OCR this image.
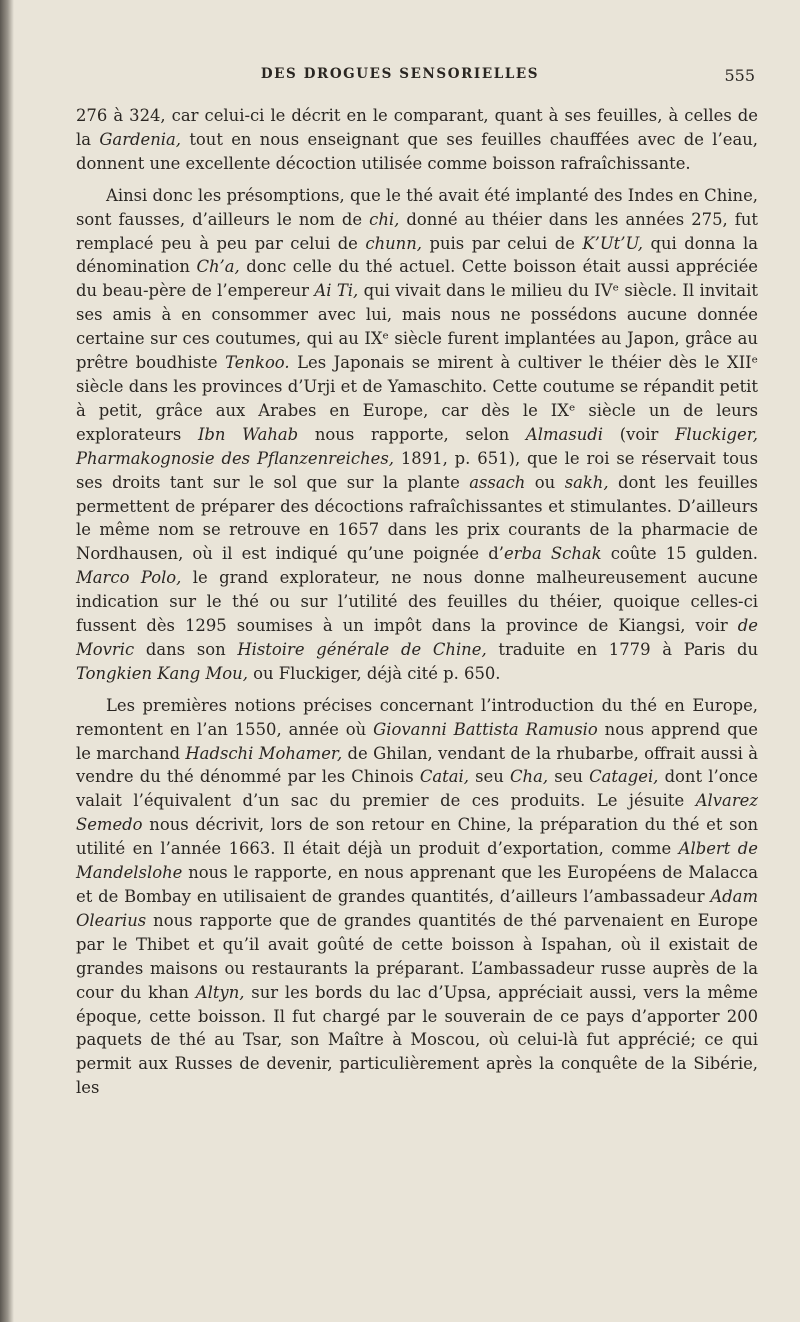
DES DROGUES SENSORIELLES	555

276 à 324, car celui-ci le décrit en le comparant, quant à ses feuilles, à celles de la Gardenia, tout en nous enseignant que ses feuilles chauffées avec de l’eau, donnent une excellente décoction utilisée comme boisson rafraîchissante.

Ainsi donc les présomptions, que le thé avait été implanté des Indes en Chine, sont fausses, d’ailleurs le nom de chi, donné au théier dans les années 275, fut remplacé peu à peu par celui de chunn, puis par celui de K’Ut’U, qui donna la dénomination Ch’a, donc celle du thé actuel. Cette boisson était aussi appréciée du beau-père de l’empereur Ai Ti, qui vivait dans le milieu du IVᵉ siècle. Il invitait ses amis à en consommer avec lui, mais nous ne possédons aucune donnée certaine sur ces coutumes, qui au IXᵉ siècle furent implantées au Japon, grâce au prêtre boudhiste Tenkoo. Les Japonais se mirent à cultiver le théier dès le XIIᵉ siècle dans les provinces d’Urji et de Yamaschito. Cette coutume se répandit petit à petit, grâce aux Arabes en Europe, car dès le IXᵉ siècle un de leurs explorateurs Ibn Wahab nous rapporte, selon Almasudi (voir Fluckiger, Pharmakognosie des Pflanzenreiches, 1891, p. 651), que le roi se réservait tous ses droits tant sur le sol que sur la plante assach ou sakh, dont les feuilles permettent de préparer des décoctions rafraîchissantes et stimulantes. D’ailleurs le même nom se retrouve en 1657 dans les prix courants de la pharmacie de Nordhausen, où il est indiqué qu’une poignée d’erba Schak coûte 15 gulden. Marco Polo, le grand explorateur, ne nous donne malheureusement aucune indication sur le thé ou sur l’utilité des feuilles du théier, quoique celles-ci fussent dès 1295 soumises à un impôt dans la province de Kiangsi, voir de Movric dans son Histoire générale de Chine, traduite en 1779 à Paris du Tongkien Kang Mou, ou Fluckiger, déjà cité p. 650.

Les premières notions précises concernant l’introduction du thé en Europe, remontent en l’an 1550, année où Giovanni Battista Ramusio nous apprend que le marchand Hadschi Mohamer, de Ghilan, vendant de la rhubarbe, offrait aussi à vendre du thé dénommé par les Chinois Catai, seu Cha, seu Catagei, dont l’once valait l’équivalent d’un sac du premier de ces produits. Le jésuite Alvarez Semedo nous décrivit, lors de son retour en Chine, la préparation du thé et son utilité en l’année 1663. Il était déjà un produit d’exportation, comme Albert de Mandelslohe nous le rapporte, en nous apprenant que les Européens de Malacca et de Bombay en utilisaient de grandes quantités, d’ailleurs l’ambassadeur Adam Olearius nous rapporte que de grandes quantités de thé parvenaient en Europe par le Thibet et qu’il avait goûté de cette boisson à Ispahan, où il existait de grandes maisons ou restaurants la préparant. L’ambassadeur russe auprès de la cour du khan Altyn, sur les bords du lac d’Upsa, appréciait aussi, vers la même époque, cette boisson. Il fut chargé par le souverain de ce pays d’apporter 200 paquets de thé au Tsar, son Maître à Moscou, où celui-là fut apprécié; ce qui permit aux Russes de devenir, particulièrement après la conquête de la Sibérie, les
